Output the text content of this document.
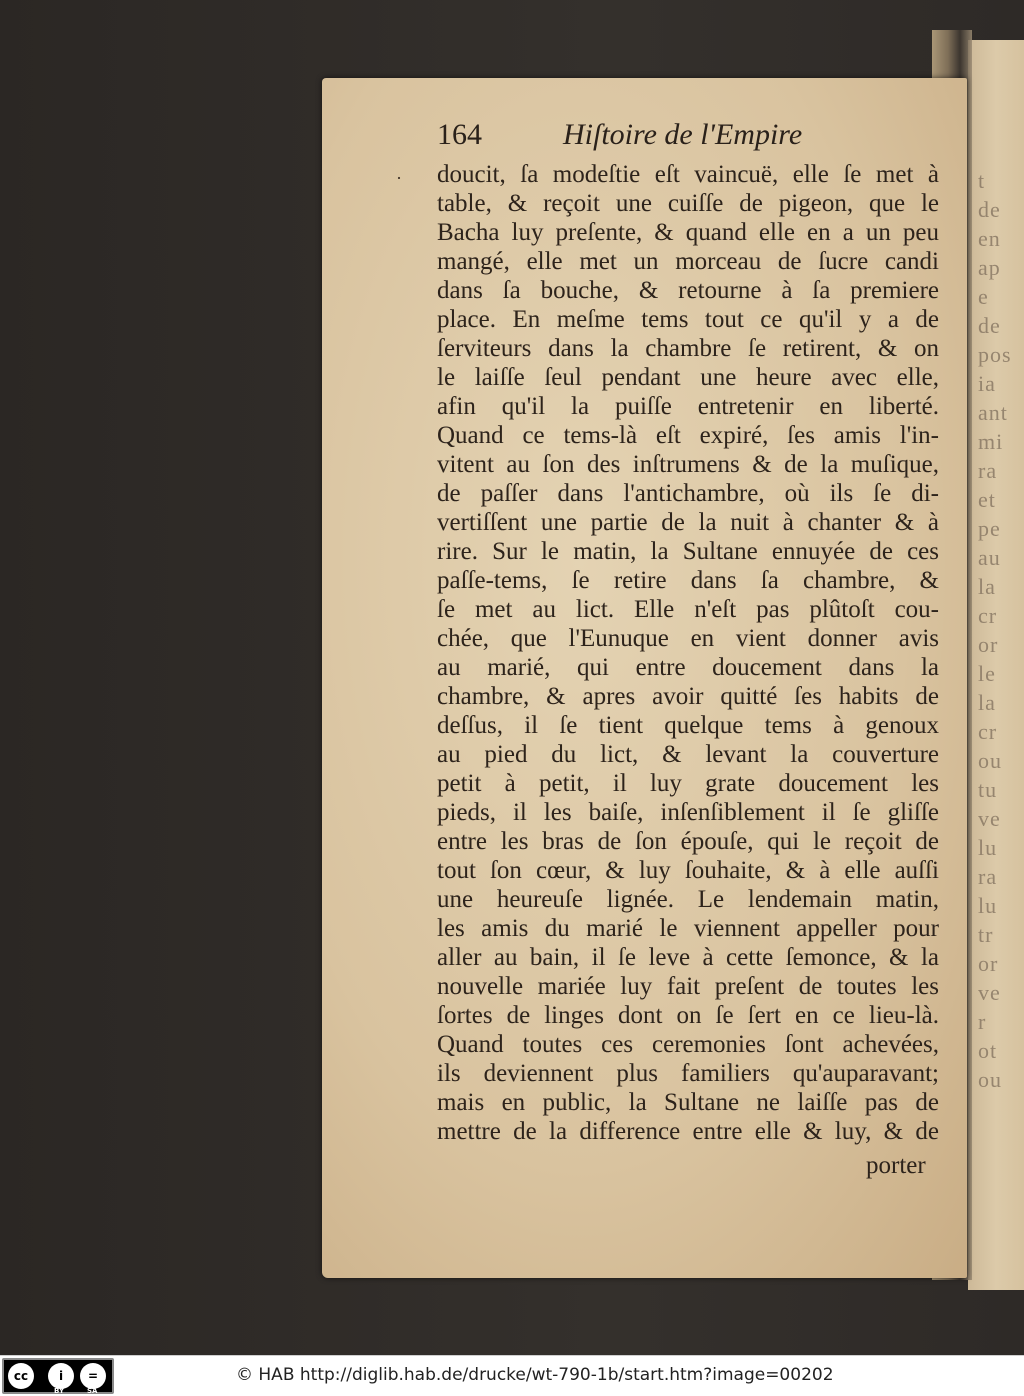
t
de
en
ap
e
de
pos
ia
ant
mi
ra
et
pe
au
la
cr
or
le
la
cr
ou
tu
ve
lu
ra
lu
tr
or
ve
r
ot
ou
164	Hiſtoire de l'Empire
· doucit, ſa modeſtie eſt vaincuë, elle ſe met à
table, & reçoit une cuiſſe de pigeon, que le
Bacha luy preſente, & quand elle en a un peu
mangé, elle met un morceau de ſucre candi
dans ſa bouche, & retourne à ſa premiere
place. En meſme tems tout ce qu'il y a de
ſerviteurs dans la chambre ſe retirent, & on
le laiſſe ſeul pendant une heure avec elle,
afin qu'il la puiſſe entretenir en liberté.
Quand ce tems-là eſt expiré, ſes amis l'in-
vitent au ſon des inſtrumens & de la muſique,
de paſſer dans l'antichambre, où ils ſe di-
vertiſſent une partie de la nuit à chanter & à
rire. Sur le matin, la Sultane ennuyée de ces
paſſe-tems, ſe retire dans ſa chambre, &
ſe met au lict. Elle n'eſt pas plûtoſt cou-
chée, que l'Eunuque en vient donner avis
au marié, qui entre doucement dans la
chambre, & apres avoir quitté ſes habits de
deſſus, il ſe tient quelque tems à genoux
au pied du lict, & levant la couverture
petit à petit, il luy grate doucement les
pieds, il les baiſe, inſenſiblement il ſe gliſſe
entre les bras de ſon épouſe, qui le reçoit de
tout ſon cœur, & luy ſouhaite, & à elle auſſi
une heureuſe lignée. Le lendemain matin,
les amis du marié le viennent appeller pour
aller au bain, il ſe leve à cette ſemonce, & la
nouvelle mariée luy fait preſent de toutes les
ſortes de linges dont on ſe ſert en ce lieu-là.
Quand toutes ces ceremonies ſont achevées,
ils deviennent plus familiers qu'auparavant;
mais en public, la Sultane ne laiſſe pas de
mettre de la difference entre elle & luy, & de
porter
cc	i	=
BY	SA
© HAB http://diglib.hab.de/drucke/wt-790-1b/start.htm?image=00202
